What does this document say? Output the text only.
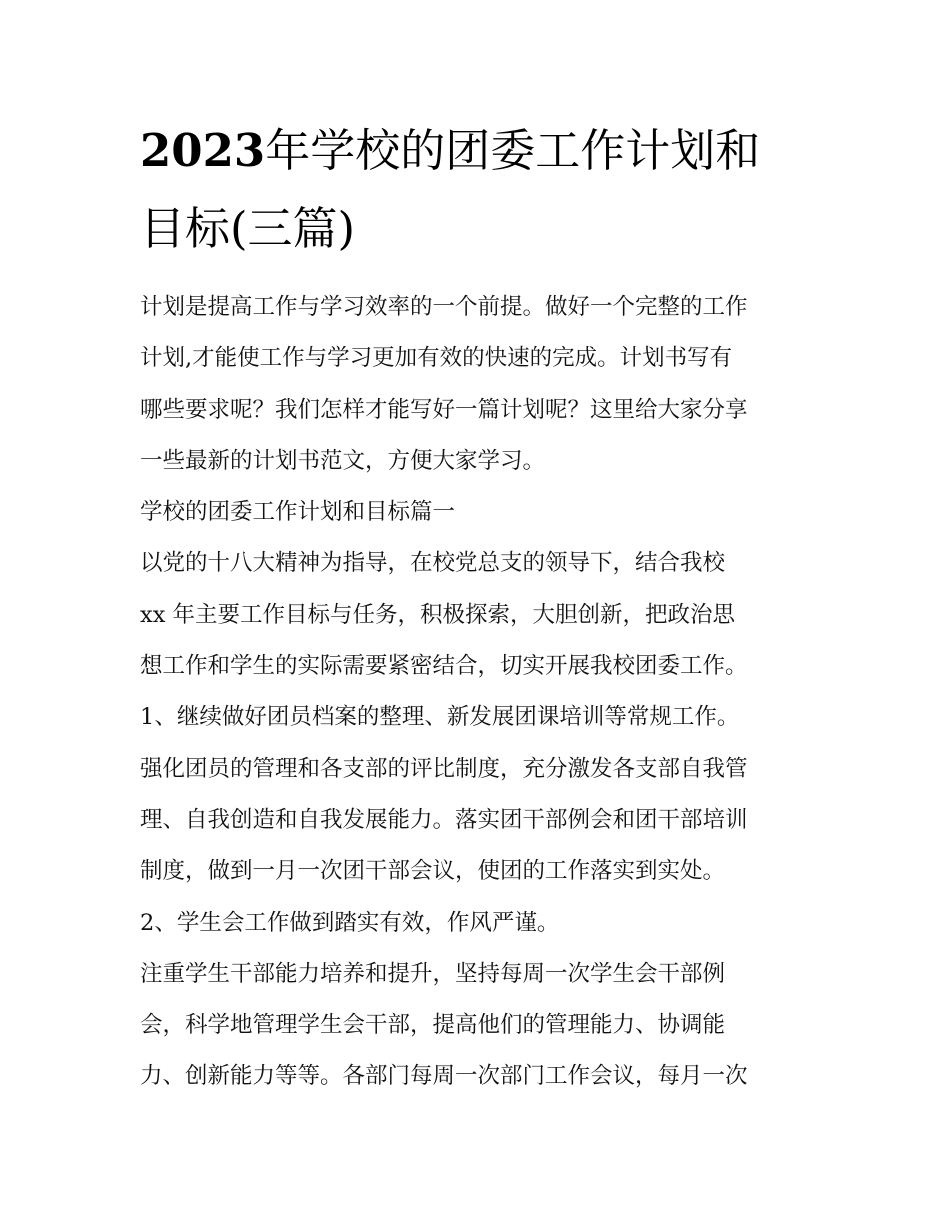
2023年学校的团委工作计划和
目标(三篇)
计划是提高工作与学习效率的一个前提。做好一个完整的工作
计划,才能使工作与学习更加有效的快速的完成。计划书写有
哪些要求呢？我们怎样才能写好一篇计划呢？这里给大家分享
一些最新的计划书范文，方便大家学习。
学校的团委工作计划和目标篇一
以党的十八大精神为指导，在校党总支的领导下，结合我校
xx 年主要工作目标与任务，积极探索，大胆创新，把政治思
想工作和学生的实际需要紧密结合，切实开展我校团委工作。
1、继续做好团员档案的整理、新发展团课培训等常规工作。
强化团员的管理和各支部的评比制度，充分激发各支部自我管
理、自我创造和自我发展能力。落实团干部例会和团干部培训
制度，做到一月一次团干部会议，使团的工作落实到实处。
2、学生会工作做到踏实有效，作风严谨。
注重学生干部能力培养和提升，坚持每周一次学生会干部例
会，科学地管理学生会干部，提高他们的管理能力、协调能
力、创新能力等等。各部门每周一次部门工作会议，每月一次
